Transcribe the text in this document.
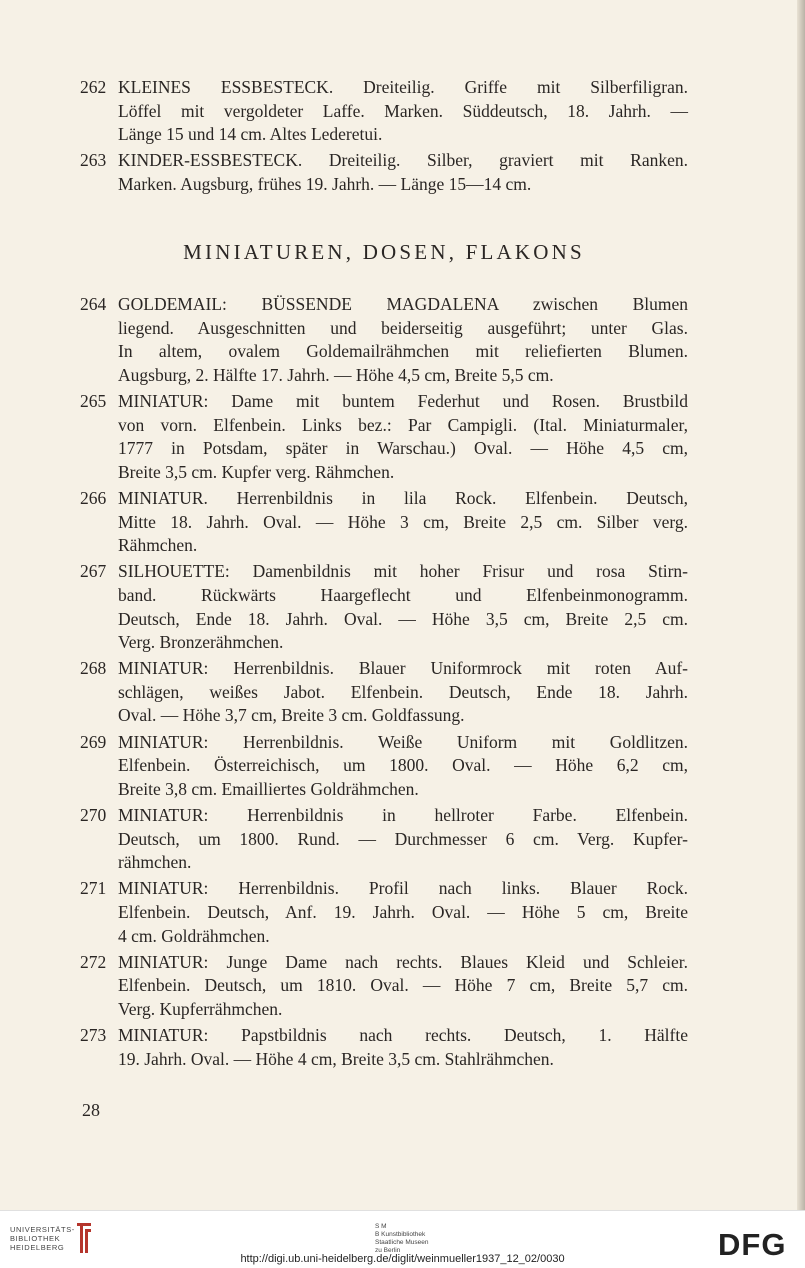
262 KLEINES ESSBESTECK. Dreiteilig. Griffe mit Silberfiligran.
Löffel mit vergoldeter Laffe. Marken. Süddeutsch, 18. Jahrh. —
Länge 15 und 14 cm. Altes Lederetui.
263 KINDER-ESSBESTECK. Dreiteilig. Silber, graviert mit Ranken.
Marken. Augsburg, frühes 19. Jahrh. — Länge 15—14 cm.
MINIATUREN, DOSEN, FLAKONS
264 GOLDEMAIL: BÜSSENDE MAGDALENA zwischen Blumen
liegend. Ausgeschnitten und beiderseitig ausgeführt; unter Glas.
In altem, ovalem Goldemailrähmchen mit reliefierten Blumen.
Augsburg, 2. Hälfte 17. Jahrh. — Höhe 4,5 cm, Breite 5,5 cm.
265 MINIATUR: Dame mit buntem Federhut und Rosen. Brustbild
von vorn. Elfenbein. Links bez.: Par Campigli. (Ital. Miniaturmaler,
1777 in Potsdam, später in Warschau.) Oval. — Höhe 4,5 cm,
Breite 3,5 cm. Kupfer verg. Rähmchen.
266 MINIATUR. Herrenbildnis in lila Rock. Elfenbein. Deutsch,
Mitte 18. Jahrh. Oval. — Höhe 3 cm, Breite 2,5 cm. Silber verg.
Rähmchen.
267 SILHOUETTE: Damenbildnis mit hoher Frisur und rosa Stirn-
band. Rückwärts Haargeflecht und Elfenbeinmonogramm.
Deutsch, Ende 18. Jahrh. Oval. — Höhe 3,5 cm, Breite 2,5 cm.
Verg. Bronzerähmchen.
268 MINIATUR: Herrenbildnis. Blauer Uniformrock mit roten Auf-
schlägen, weißes Jabot. Elfenbein. Deutsch, Ende 18. Jahrh.
Oval. — Höhe 3,7 cm, Breite 3 cm. Goldfassung.
269 MINIATUR: Herrenbildnis. Weiße Uniform mit Goldlitzen.
Elfenbein. Österreichisch, um 1800. Oval. — Höhe 6,2 cm,
Breite 3,8 cm. Emailliertes Goldrähmchen.
270 MINIATUR: Herrenbildnis in hellroter Farbe. Elfenbein.
Deutsch, um 1800. Rund. — Durchmesser 6 cm. Verg. Kupfer-
rähmchen.
271 MINIATUR: Herrenbildnis. Profil nach links. Blauer Rock.
Elfenbein. Deutsch, Anf. 19. Jahrh. Oval. — Höhe 5 cm, Breite
4 cm. Goldrähmchen.
272 MINIATUR: Junge Dame nach rechts. Blaues Kleid und Schleier.
Elfenbein. Deutsch, um 1810. Oval. — Höhe 7 cm, Breite 5,7 cm.
Verg. Kupferrähmchen.
273 MINIATUR: Papstbildnis nach rechts. Deutsch, 1. Hälfte
19. Jahrh. Oval. — Höhe 4 cm, Breite 3,5 cm. Stahlrähmchen.
28
UNIVERSITÄTS-
BIBLIOTHEK
HEIDELBERG
S M
B Kunstbibliothek
Staatliche Museen
zu Berlin	DFG
http://digi.ub.uni-heidelberg.de/diglit/weinmueller1937_12_02/0030
